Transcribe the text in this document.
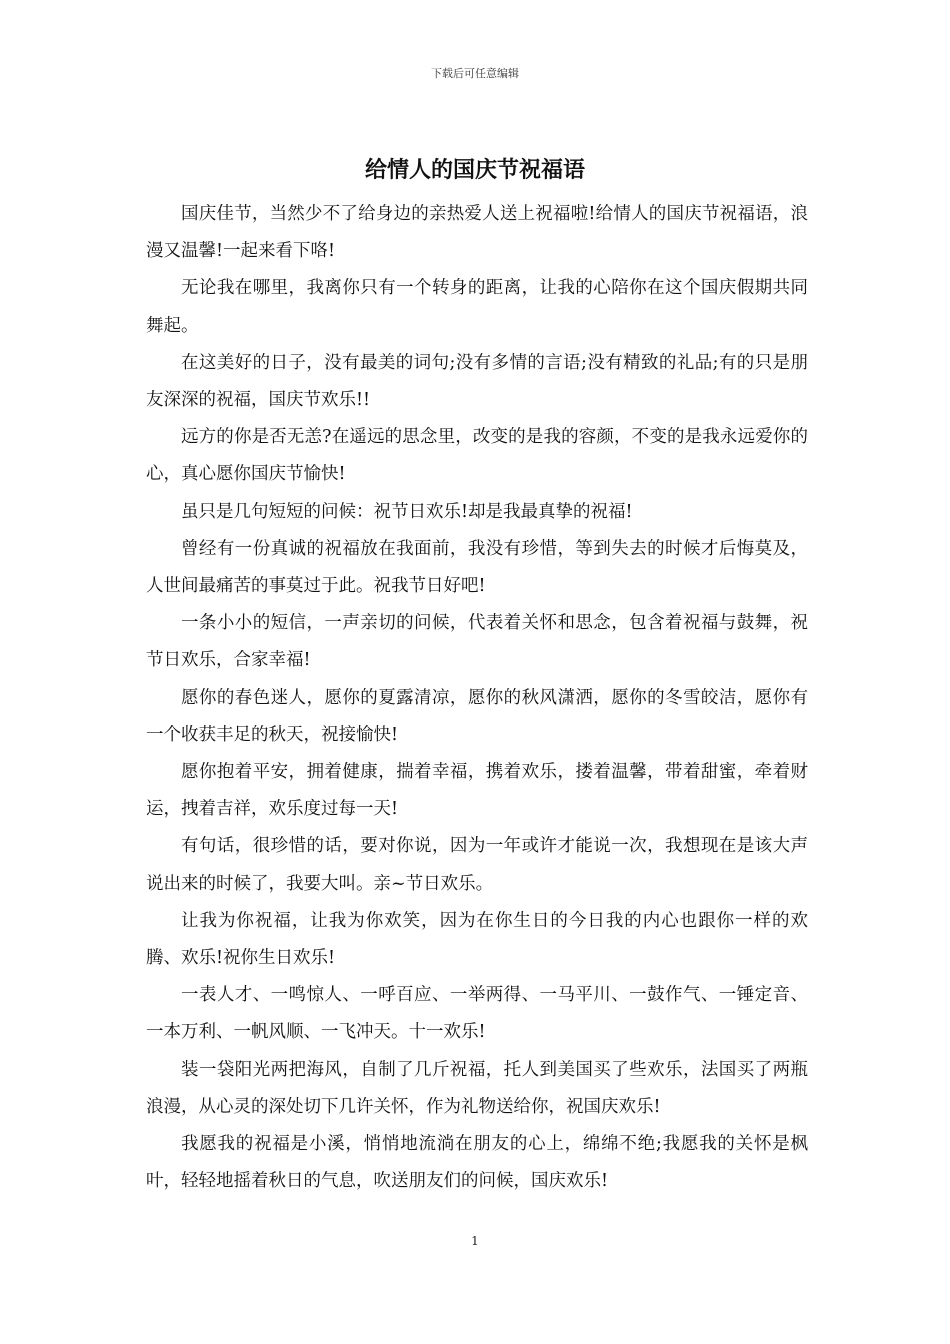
下载后可任意编辑
给情人的国庆节祝福语

国庆佳节，当然少不了给身边的亲热爱人送上祝福啦!给情人的国庆节祝福语，浪漫又温馨!一起来看下咯!

无论我在哪里，我离你只有一个转身的距离，让我的心陪你在这个国庆假期共同舞起。

在这美好的日子，没有最美的词句;没有多情的言语;没有精致的礼品;有的只是朋友深深的祝福，国庆节欢乐!!

远方的你是否无恙?在遥远的思念里，改变的是我的容颜，不变的是我永远爱你的心，真心愿你国庆节愉快!

虽只是几句短短的问候：祝节日欢乐!却是我最真挚的祝福!

曾经有一份真诚的祝福放在我面前，我没有珍惜，等到失去的时候才后悔莫及，人世间最痛苦的事莫过于此。祝我节日好吧!

一条小小的短信，一声亲切的问候，代表着关怀和思念，包含着祝福与鼓舞，祝节日欢乐，合家幸福!

愿你的春色迷人，愿你的夏露清凉，愿你的秋风潇洒，愿你的冬雪皎洁，愿你有一个收获丰足的秋天，祝接愉快!

愿你抱着平安，拥着健康，揣着幸福，携着欢乐，搂着温馨，带着甜蜜，牵着财运，拽着吉祥，欢乐度过每一天!

有句话，很珍惜的话，要对你说，因为一年或许才能说一次，我想现在是该大声说出来的时候了，我要大叫。亲~节日欢乐。

让我为你祝福，让我为你欢笑，因为在你生日的今日我的内心也跟你一样的欢腾、欢乐!祝你生日欢乐!

一表人才、一鸣惊人、一呼百应、一举两得、一马平川、一鼓作气、一锤定音、一本万利、一帆风顺、一飞冲天。十一欢乐!

装一袋阳光两把海风，自制了几斤祝福，托人到美国买了些欢乐，法国买了两瓶浪漫，从心灵的深处切下几许关怀，作为礼物送给你，祝国庆欢乐!

我愿我的祝福是小溪，悄悄地流淌在朋友的心上，绵绵不绝;我愿我的关怀是枫叶，轻轻地摇着秋日的气息，吹送朋友们的问候，国庆欢乐!

1
